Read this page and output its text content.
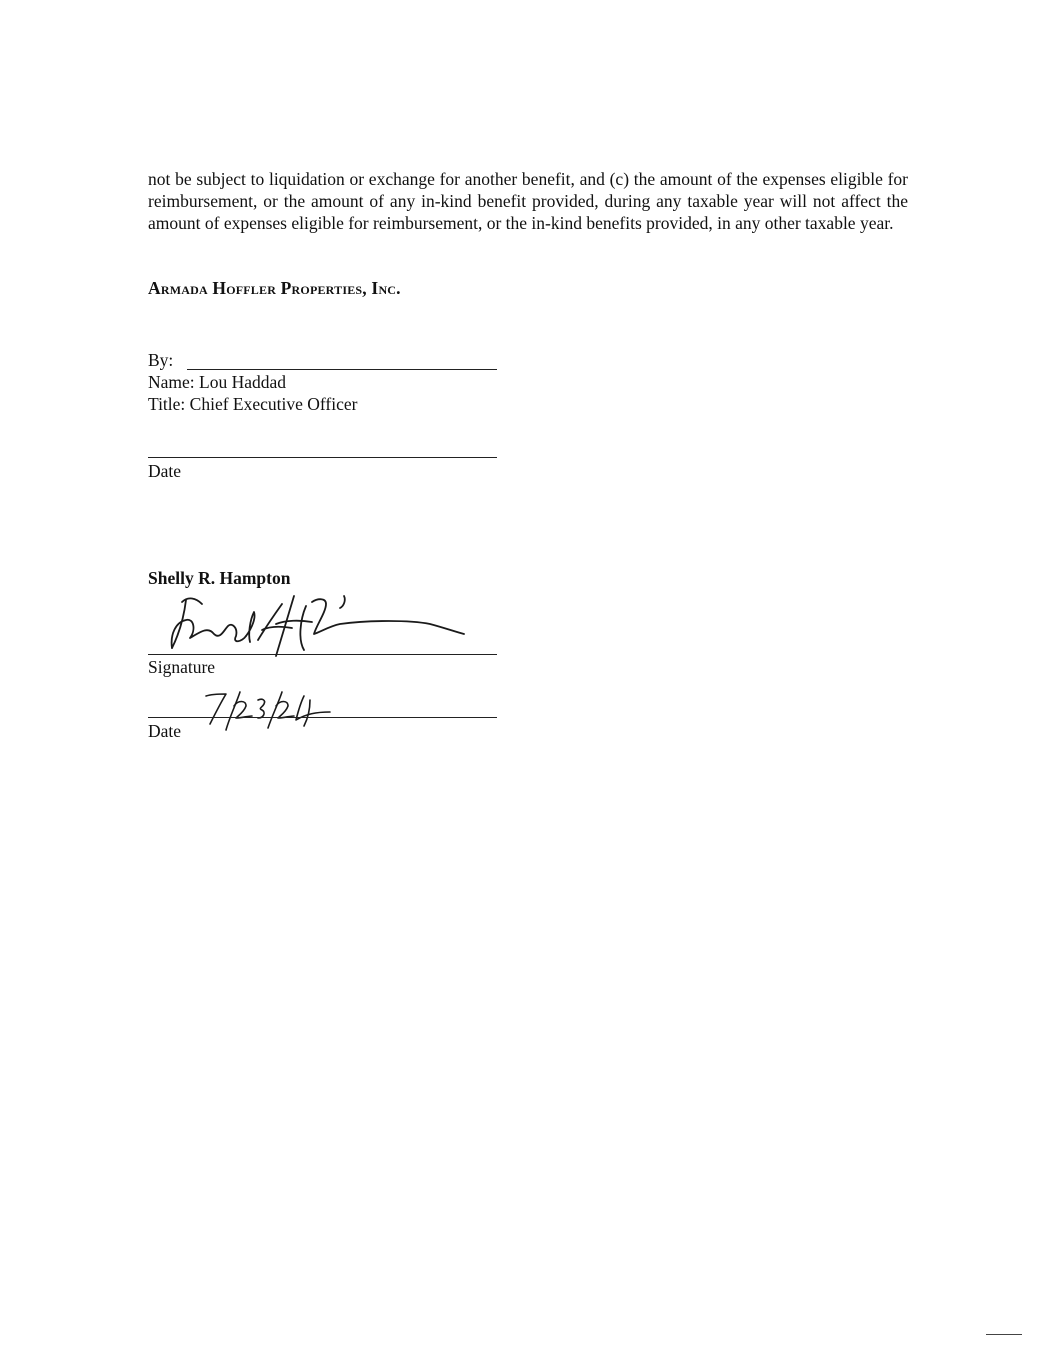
not be subject to liquidation or exchange for another benefit, and (c) the amount of the expenses eligible for reimbursement, or the amount of any in-kind benefit provided, during any taxable year will not affect the amount of expenses eligible for reimbursement, or the in-kind benefits provided, in any other taxable year.

Armada Hoffler Properties, Inc.

By:
Name: Lou Haddad
Title: Chief Executive Officer
Date
Shelly R. Hampton
Signature
Date
